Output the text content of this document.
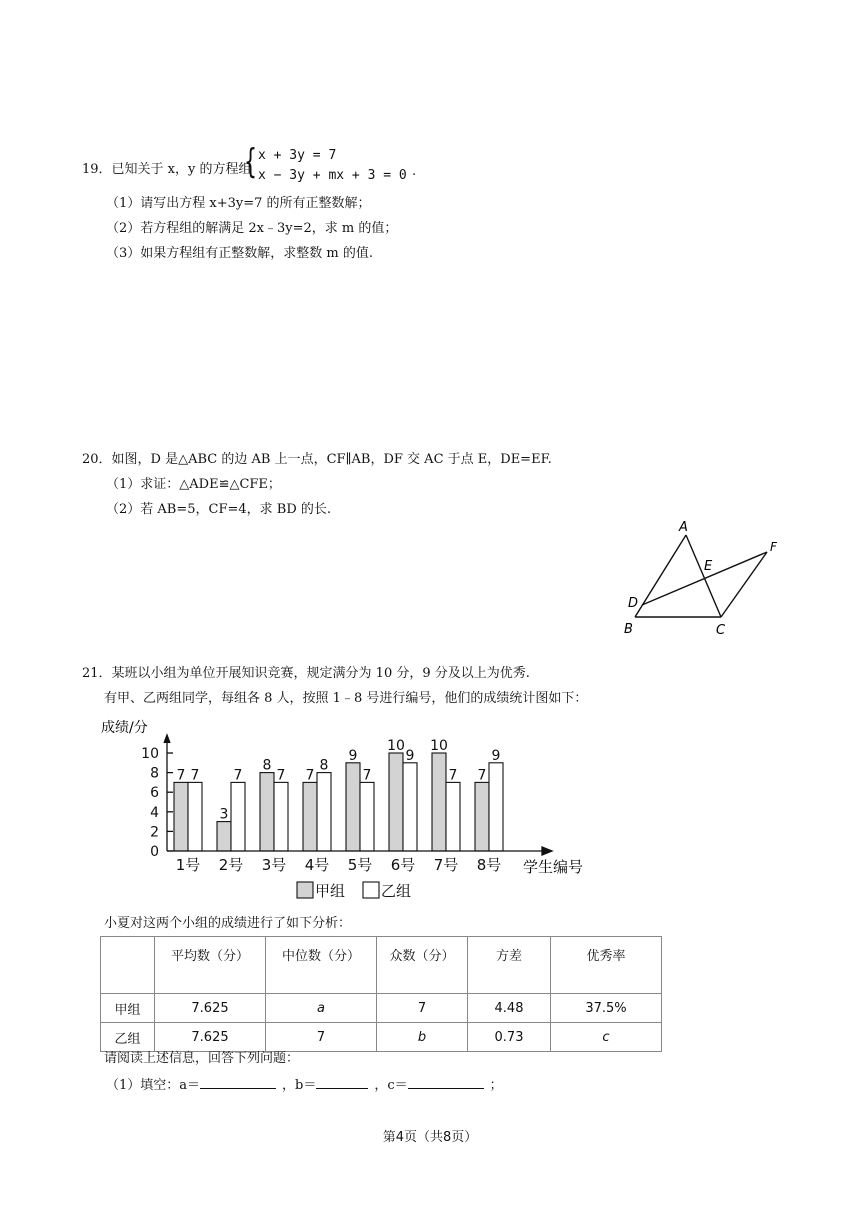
19．已知关于 x，y 的方程组
{ x + 3y = 7
x − 3y + mx + 3 = 0 .
（1）请写出方程 x+3y=7 的所有正整数解；
（2）若方程组的解满足 2x﹣3y=2，求 m 的值；
（3）如果方程组有正整数解，求整数 m 的值.
20．如图，D 是△ABC 的边 AB 上一点，CF∥AB，DF 交 AC 于点 E，DE=EF.
（1）求证：△ADE≌△CFE；
（2）若 AB=5，CF=4，求 BD 的长.
A
B	C
D
E
F
21．某班以小组为单位开展知识竞赛，规定满分为 10 分，9 分及以上为优秀.
有甲、乙两组同学，每组各 8 人，按照 1﹣8 号进行编号，他们的成绩统计图如下：
成绩/分
学生编号
0
2
4
6
8
10
7 7
1号
3
7
2号
8
7
3号
7
8
4号
9
7
5号
10
9
6号
10
7
7号
7
9
8号
甲组 乙组
小夏对这两个小组的成绩进行了如下分析：
	平均数（分）	中位数（分）	众数（分）	方差	优秀率
甲组	7.625	a	7	4.48	37.5%
乙组	7.625	7	b	0.73	c
请阅读上述信息，回答下列问题：
（1）填空：a＝	，b＝	，c＝	；
第4页（共8页）
